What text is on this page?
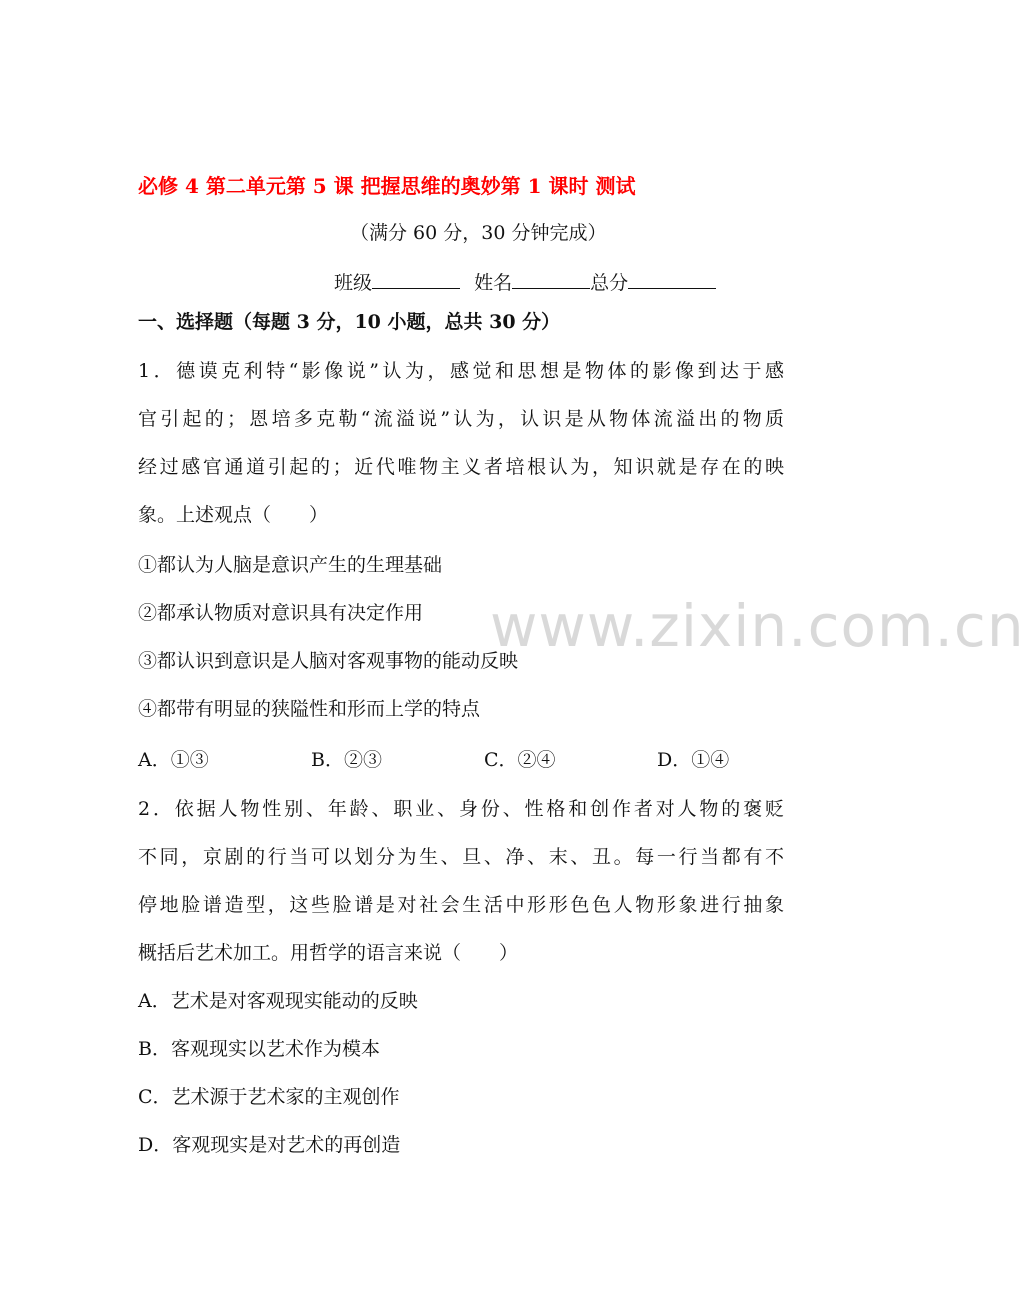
www.zixin.com.cn
必修 4 第二单元第 5 课 把握思维的奥妙第 1 课时 测试
（满分 60 分，30 分钟完成）
班级	姓名	总分
一、选择题（每题 3 分，10 小题，总共 30 分）
1．德谟克利特“影像说”认为，感觉和思想是物体的影像到达于感
官引起的；恩培多克勒“流溢说”认为，认识是从物体流溢出的物质
经过感官通道引起的；近代唯物主义者培根认为，知识就是存在的映
象。上述观点（　　）
①都认为人脑是意识产生的生理基础
②都承认物质对意识具有决定作用
③都认识到意识是人脑对客观事物的能动反映
④都带有明显的狭隘性和形而上学的特点
A．①③	B．②③	C．②④	D．①④
2．依据人物性别、年龄、职业、身份、性格和创作者对人物的褒贬
不同，京剧的行当可以划分为生、旦、净、末、丑。每一行当都有不
停地脸谱造型，这些脸谱是对社会生活中形形色色人物形象进行抽象
概括后艺术加工。用哲学的语言来说（　　）
A．艺术是对客观现实能动的反映
B．客观现实以艺术作为模本
C．艺术源于艺术家的主观创作
D．客观现实是对艺术的再创造
